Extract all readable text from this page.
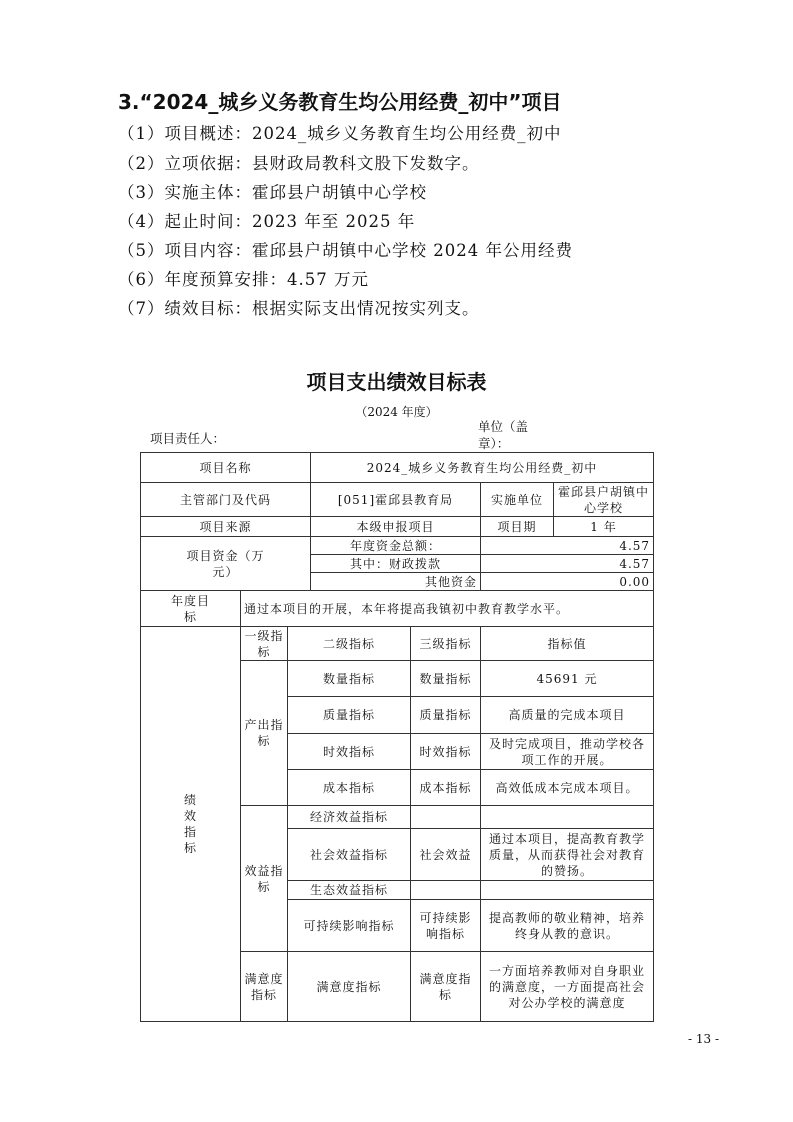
3.“2024_城乡义务教育生均公用经费_初中”项目
（1）项目概述：2024_城乡义务教育生均公用经费_初中
（2）立项依据：县财政局教科文股下发数字。
（3）实施主体：霍邱县户胡镇中心学校
（4）起止时间：2023 年至 2025 年
（5）项目内容：霍邱县户胡镇中心学校 2024 年公用经费
（6）年度预算安排：4.57 万元
（7）绩效目标：根据实际支出情况按实列支。
项目支出绩效目标表
（2024 年度）
项目责任人：
单位（盖章）：
项目名称			2024_城乡义务教育生均公用经费_初中			
主管部门及代码			[051]霍邱县教育局		实施单位	霍邱县户胡镇中心学校
项目来源			本级申报项目		项目期	1 年
项目资金（万元）			年度资金总额：		4.57	
			其中：财政拨款		4.57	
			其他资金		0.00	
年度目标	通过本项目的开展，本年将提高我镇初中教育教学水平。					
绩效指标	一级指标	二级指标		三级指标	指标值	
	产出指标	数量指标		数量指标	45691 元	
		质量指标		质量指标	高质量的完成本项目	
		时效指标		时效指标	及时完成项目，推动学校各项工作的开展。	
		成本指标		成本指标	高效低成本完成本项目。	
	效益指标	经济效益指标				
		社会效益指标		社会效益	通过本项目，提高教育教学质量，从而获得社会对教育的赞扬。	
		生态效益指标				
		可持续影响指标		可持续影响指标	提高教师的敬业精神，培养终身从教的意识。	
	满意度指标	满意度指标		满意度指标	一方面培养教师对自身职业的满意度，一方面提高社会对公办学校的满意度	
- 13 -
